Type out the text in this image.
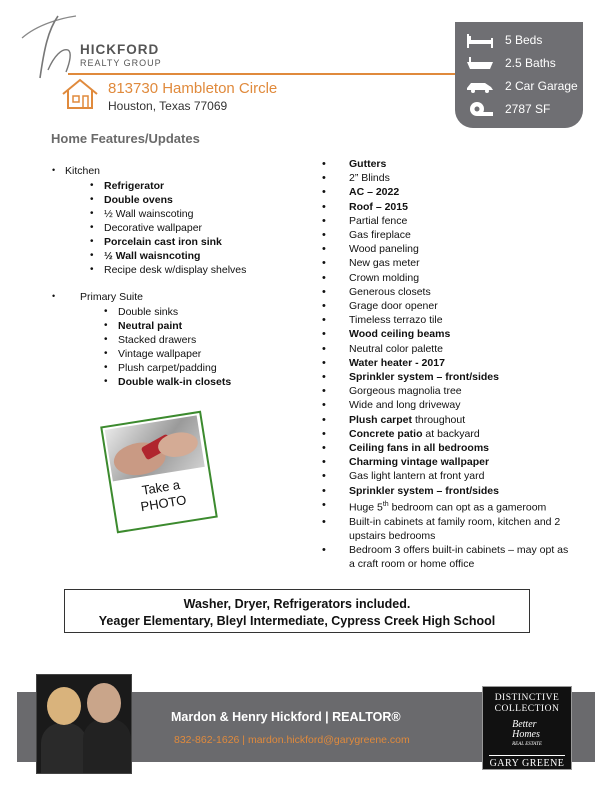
HICKFORD
REALTY GROUP
813730 Hambleton Circle
Houston, Texas 77069
5 Beds
2.5 Baths
2 Car Garage
2787 SF
Home Features/Updates
• Kitchen
• Refrigerator
• Double ovens
• ½ Wall wainscoting
• Decorative wallpaper
• Porcelain cast iron sink
• ½ Wall waisncoting
• Recipe desk w/display shelves
• Primary Suite
• Double sinks
• Neutral paint
• Stacked drawers
• Vintage wallpaper
• Plush carpet/padding
• Double walk-in closets
• Gutters
• 2” Blinds
• AC – 2022
• Roof – 2015
• Partial fence
• Gas fireplace
• Wood paneling
• New gas meter
• Crown molding
• Generous closets
• Grage door opener
• Timeless terrazo tile
• Wood ceiling beams
• Neutral color palette
• Water heater - 2017
• Sprinkler system – front/sides
• Gorgeous magnolia tree
• Wide and long driveway
• Plush carpet throughout
• Concrete patio at backyard
• Ceiling fans in all bedrooms
• Charming vintage wallpaper
• Gas light lantern at front yard
• Sprinkler system – front/sides
• Huge 5th bedroom can opt as a gameroom
• Built-in cabinets at family room, kitchen and 2 upstairs bedrooms
• Bedroom 3 offers built-in cabinets – may opt as a craft room or home office
Take a
PHOTO
Washer, Dryer, Refrigerators included.
Yeager Elementary, Bleyl Intermediate, Cypress Creek High School
Mardon & Henry Hickford | REALTOR®
832-862-1626 | mardon.hickford@garygreene.com
DISTINCTIVE COLLECTION
Better
Homes
REAL ESTATE
GARY GREENE
